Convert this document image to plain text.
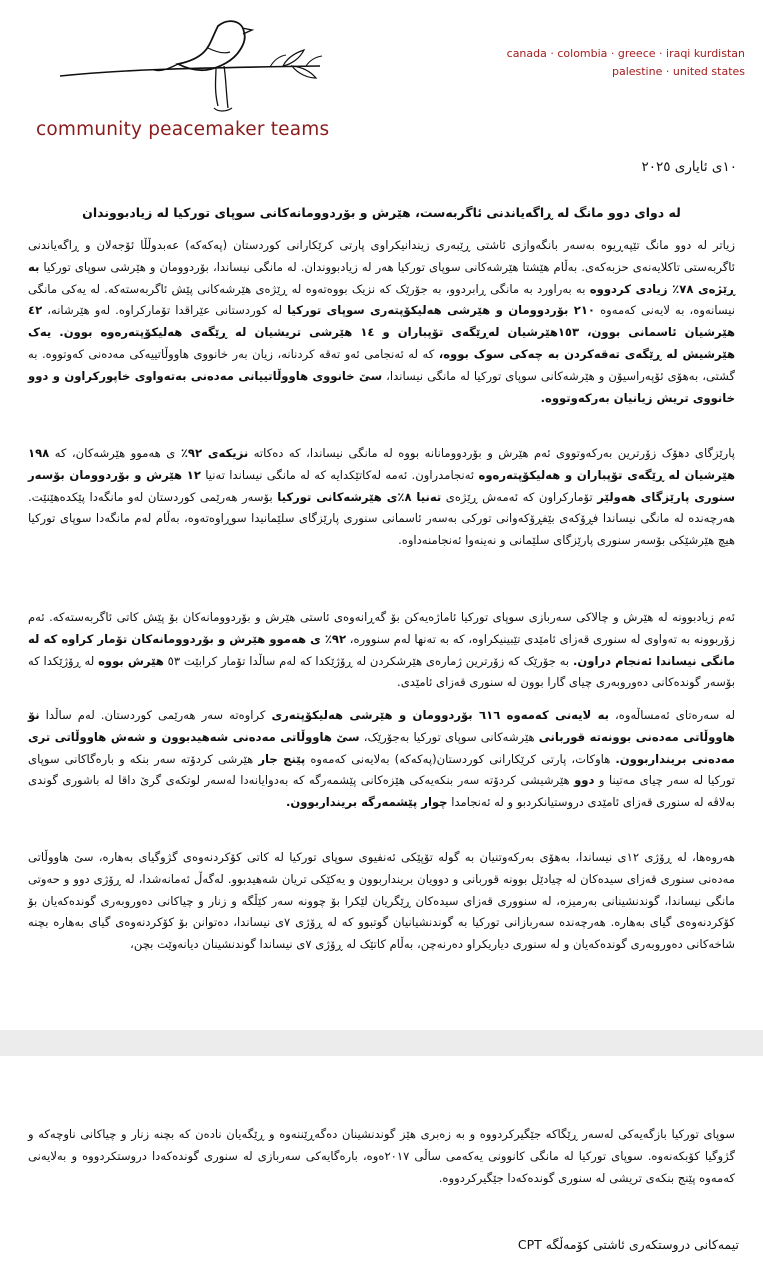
community peacemaker teams
canada · colombia · greece · iraqi kurdistan
palestine · united states
١٠ی ئایاری ٢٠٢٥
له دوای دوو مانگ له ڕاگەیاندنی ئاگربەست، هێرش و بۆردوومانەکانی سوپای تورکیا له زیادبووندان

زیاتر له دوو مانگ تێپەڕیوە بەسەر بانگەوازی ئاشتی ڕێبەری زیندانیکراوی پارتی کرێکارانی کوردستان (پەکەکە) عەبدوڵڵا ئۆجەلان و ڕاگەیاندنی ئاگربەستی تاکلایەنەی حزبەکەی. بەڵام هێشتا هێرشەکانی سوپای تورکیا هەر له زیادبووندان. له مانگی نیساندا، بۆردوومان و هێرشی سوپای تورکیا به ڕێژەی ٧٨٪ زیادی کردووە بە بەراورد بە مانگی ڕابردوو، بە جۆرێک کە نزیک بووەتەوە له ڕێژەی هێرشەکانی پێش ئاگربەستەکە. له یەکی مانگی نیسانەوە، بە لایەنی کەمەوە ٢١٠ بۆردوومان و هێرشی هەلیکۆپتەری سوپای تورکیا له کوردستانی عێراقدا تۆمارکراوە. لەو هێرشانە، ٤٢ هێرشیان ئاسمانی بوون، ١٥٣هێرشیان لەڕێگەی تۆپباران و ١٤ هێرشی تریشیان لە ڕێگەی هەلیکۆپتەرەوە بوون. یەک هێرشیش له ڕێگەی تەقەکردن بە چەکی سوک بووە، کە له ئەنجامی ئەو تەقە کردنانە، زیان بەر خانووی هاووڵاتییەکی مەدەنی کەوتووە. بە گشتی، بەهۆی ئۆپەراسیۆن و هێرشەکانی سوپای تورکیا له مانگی نیساندا، سێ خانووی هاووڵاتییانی مەدەنی بەتەواوی خاپورکراون و دوو خانووی تریش زیانیان بەرکەوتووە.

پارێزگای دهۆک زۆرترین بەرکەوتووی ئەم هێرش و بۆردوومانانە بووە له مانگی نیساندا، کە دەکاتە نزیکەی ٩٢٪ ی هەموو هێرشەکان، کە ١٩٨ هێرشیان لە ڕێگەی تۆپباران و هەلیکۆپتەرەوە ئەنجامدراون. ئەمە لەکاتێکدایە کە له مانگی نیساندا تەنیا ١٢ هێرش و بۆردوومان بۆسەر سنوری پارێزگای هەولێر تۆمارکراون کە ئەمەش ڕێژەی تەنیا ٨٪ی هێرشەکانی تورکیا بۆسەر هەرێمی کوردستان لەو مانگەدا پێکدەهێنێت. هەرچەندە له مانگی نیساندا فڕۆکەی بێفڕۆکەوانی تورکی بەسەر ئاسمانی سنوری پارێزگای سلێمانیدا سوڕاوەتەوە، بەڵام لەم مانگەدا سوپای تورکیا هیچ هێرشێکی بۆسەر سنوری پارێزگای سلێمانی و نەینەوا ئەنجامنەداوە.

ئەم زیادبوونە لە هێرش و چالاکی سەربازی سوپای تورکیا ئاماژەیەکن بۆ گەڕانەوەی ئاستی هێرش و بۆردوومانەکان بۆ پێش کاتی ئاگربەستەکە. ئەم زۆربوونە بە تەواوی لە سنوری قەزای ئامێدی تێبینیکراوە، کە بە تەنها لەم سنوورە، ٩٢٪ ی هەموو هێرش و بۆردوومانەکان تۆمار کراوە کە لە مانگی نیساندا ئەنجام دراون. بە جۆرێک کە زۆرترین ژمارەی هێرشکردن لە ڕۆژێکدا کە لەم ساڵدا تۆمار کرابێت ٥٣ هێرش بووە لە ڕۆژێکدا کە بۆسەر گوندەکانی دەوروبەری چیای گارا بوون لە سنوری قەزای ئامێدی.

لە سەرەتای ئەمساڵەوە، بە لایەنی کەمەوە ٦١٦ بۆردوومان و هێرشی هەلیکۆپتەری کراوەتە سەر هەرێمی کوردستان. لەم ساڵدا نۆ هاووڵاتی مەدەنی بوونەتە قوربانی هێرشەکانی سوپای تورکیا بەجۆرێک، سێ هاووڵاتی مەدەنی شەهیدبوون و شەش هاووڵاتی تری مەدەنی برینداربوون. هاوکات، پارتی کرێکارانی کوردستان(پەکەکە) بەلایەنی کەمەوە پێنج جار هێرشی کردۆتە سەر بنکە و بارەگاکانی سوپای تورکیا لە سەر چیای مەتینا و دوو هێرشیشی کردۆتە سەر بنکەیەکی هێزەکانی پێشمەرگە کە بەدوایانەدا لەسەر لوتکەی گرێ داقا لە باشوری گوندی بەلاڤە لە سنوری قەزای ئامێدی دروستیانکردبو و لە ئەنجامدا چوار پێشمەرگە برینداربوون.

هەروەها، لە ڕۆژی ١٢ی نیساندا، بەهۆی بەرکەوتنیان بە گولە تۆپێکی ئەنفیوی سوپای تورکیا لە کاتی کۆکردنەوەی گژوگیای بەهارە، سێ هاووڵاتی مەدەنی سنوری قەزای سیدەکان لە چیادێل بوونە قوربانی و دوویان برینداربوون و یەکێکی تریان شەهیدبوو. لەگەڵ ئەمانەشدا، لە ڕۆژی دوو و حەوتی مانگی نیساندا، گوندنشینانی بەرمیزە، لە سنووری قەزای سیدەکان ڕێگریان لێکرا بۆ چوونە سەر کێڵگە و زنار و چیاکانی دەوروبەری گوندەکەیان بۆ کۆکردنەوەی گیای بەهارە. هەرچەندە سەربازانی تورکیا بە گوندنشیانیان گوتبوو کە لە ڕۆژی ٧ی نیساندا، دەتوانن بۆ کۆکردنەوەی گیای بەهارە بچنە شاخەکانی دەوروبەری گوندەکەیان و لە سنوری دیاریکراو دەرنەچن، بەڵام کاتێک لە ڕۆژی ٧ی نیساندا گوندنشینان دیانەوێت بچن،

سوپای تورکیا بازگەیەکی لەسەر ڕێگاکە جێگیرکردووە و بە زەبری هێز گوندنشینان دەگەڕێننەوە و ڕێگەیان نادەن کە بچنە زنار و چیاکانی ناوچەکە و گژوگیا کۆبکەنەوە. سوپای تورکیا لە مانگی کانوونی یەکەمی ساڵی ٢٠١٧ەوە، بارەگایەکی سەربازی لە سنوری گوندەکەدا دروستکردووە و بەلایەنی کەمەوە پێنج بنکەی تریشی لە سنوری گوندەکەدا جێگیرکردووە.

تیمەکانی دروستکەری ئاشتی کۆمەڵگە CPT
